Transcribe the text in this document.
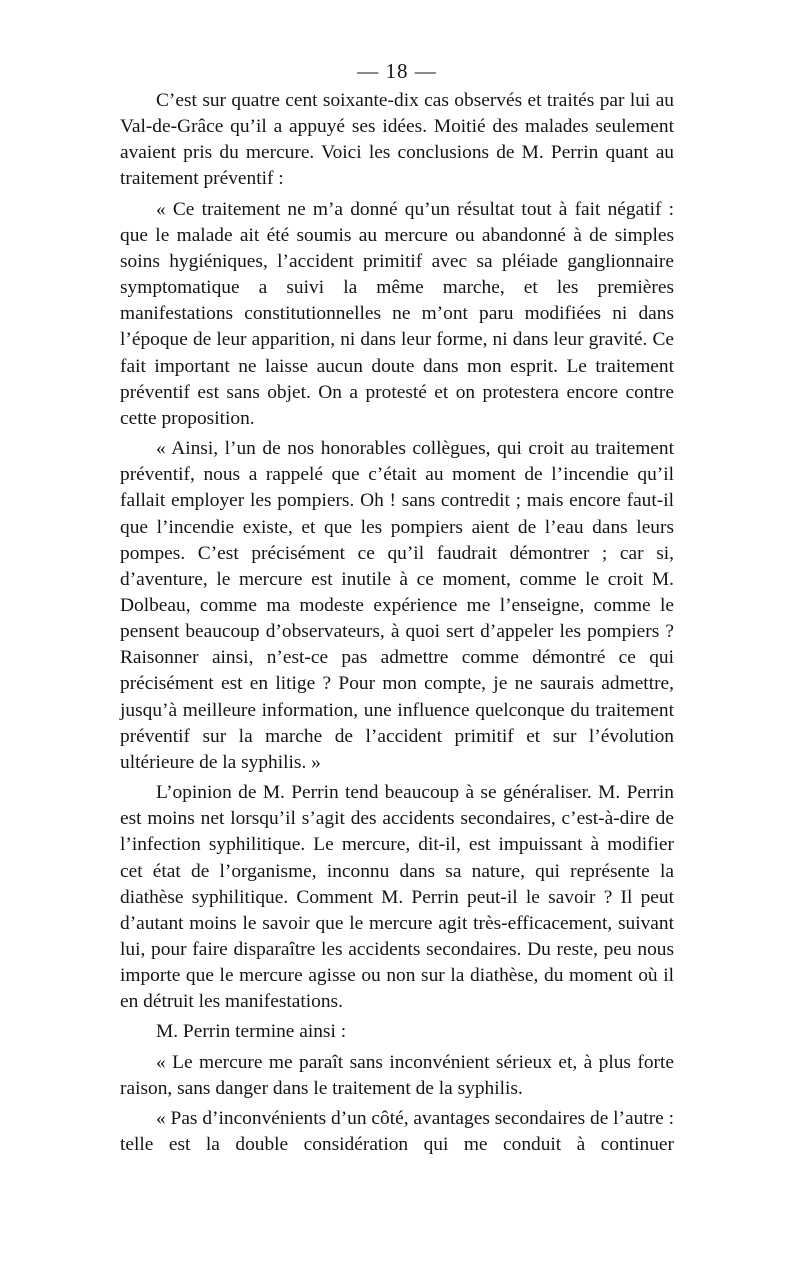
— 18 —

C’est sur quatre cent soixante-dix cas observés et traités par lui au Val-de-Grâce qu’il a appuyé ses idées. Moitié des malades seulement avaient pris du mercure. Voici les conclusions de M. Perrin quant au traitement préventif :

« Ce traitement ne m’a donné qu’un résultat tout à fait négatif : que le malade ait été soumis au mercure ou abandonné à de simples soins hygiéniques, l’accident primitif avec sa pléiade ganglionnaire symptomatique a suivi la même marche, et les premières manifestations constitutionnelles ne m’ont paru modifiées ni dans l’époque de leur apparition, ni dans leur forme, ni dans leur gravité. Ce fait important ne laisse aucun doute dans mon esprit. Le traitement préventif est sans objet. On a protesté et on protestera encore contre cette proposition.

« Ainsi, l’un de nos honorables collègues, qui croit au traitement préventif, nous a rappelé que c’était au moment de l’incendie qu’il fallait employer les pompiers. Oh ! sans contredit ; mais encore faut-il que l’incendie existe, et que les pompiers aient de l’eau dans leurs pompes. C’est précisément ce qu’il faudrait démontrer ; car si, d’aventure, le mercure est inutile à ce moment, comme le croit M. Dolbeau, comme ma modeste expérience me l’enseigne, comme le pensent beaucoup d’observateurs, à quoi sert d’appeler les pompiers ? Raisonner ainsi, n’est-ce pas admettre comme démontré ce qui précisément est en litige ? Pour mon compte, je ne saurais admettre, jusqu’à meilleure information, une influence quelconque du traitement préventif sur la marche de l’accident primitif et sur l’évolution ultérieure de la syphilis. »

L’opinion de M. Perrin tend beaucoup à se généraliser. M. Perrin est moins net lorsqu’il s’agit des accidents secondaires, c’est-à-dire de l’infection syphilitique. Le mercure, dit-il, est impuissant à modifier cet état de l’organisme, inconnu dans sa nature, qui représente la diathèse syphilitique. Comment M. Perrin peut-il le savoir ? Il peut d’autant moins le savoir que le mercure agit très-efficacement, suivant lui, pour faire disparaître les accidents secondaires. Du reste, peu nous importe que le mercure agisse ou non sur la diathèse, du moment où il en détruit les manifestations.

M. Perrin termine ainsi :

« Le mercure me paraît sans inconvénient sérieux et, à plus forte raison, sans danger dans le traitement de la syphilis.

« Pas d’inconvénients d’un côté, avantages secondaires de l’autre : telle est la double considération qui me conduit à continuer
